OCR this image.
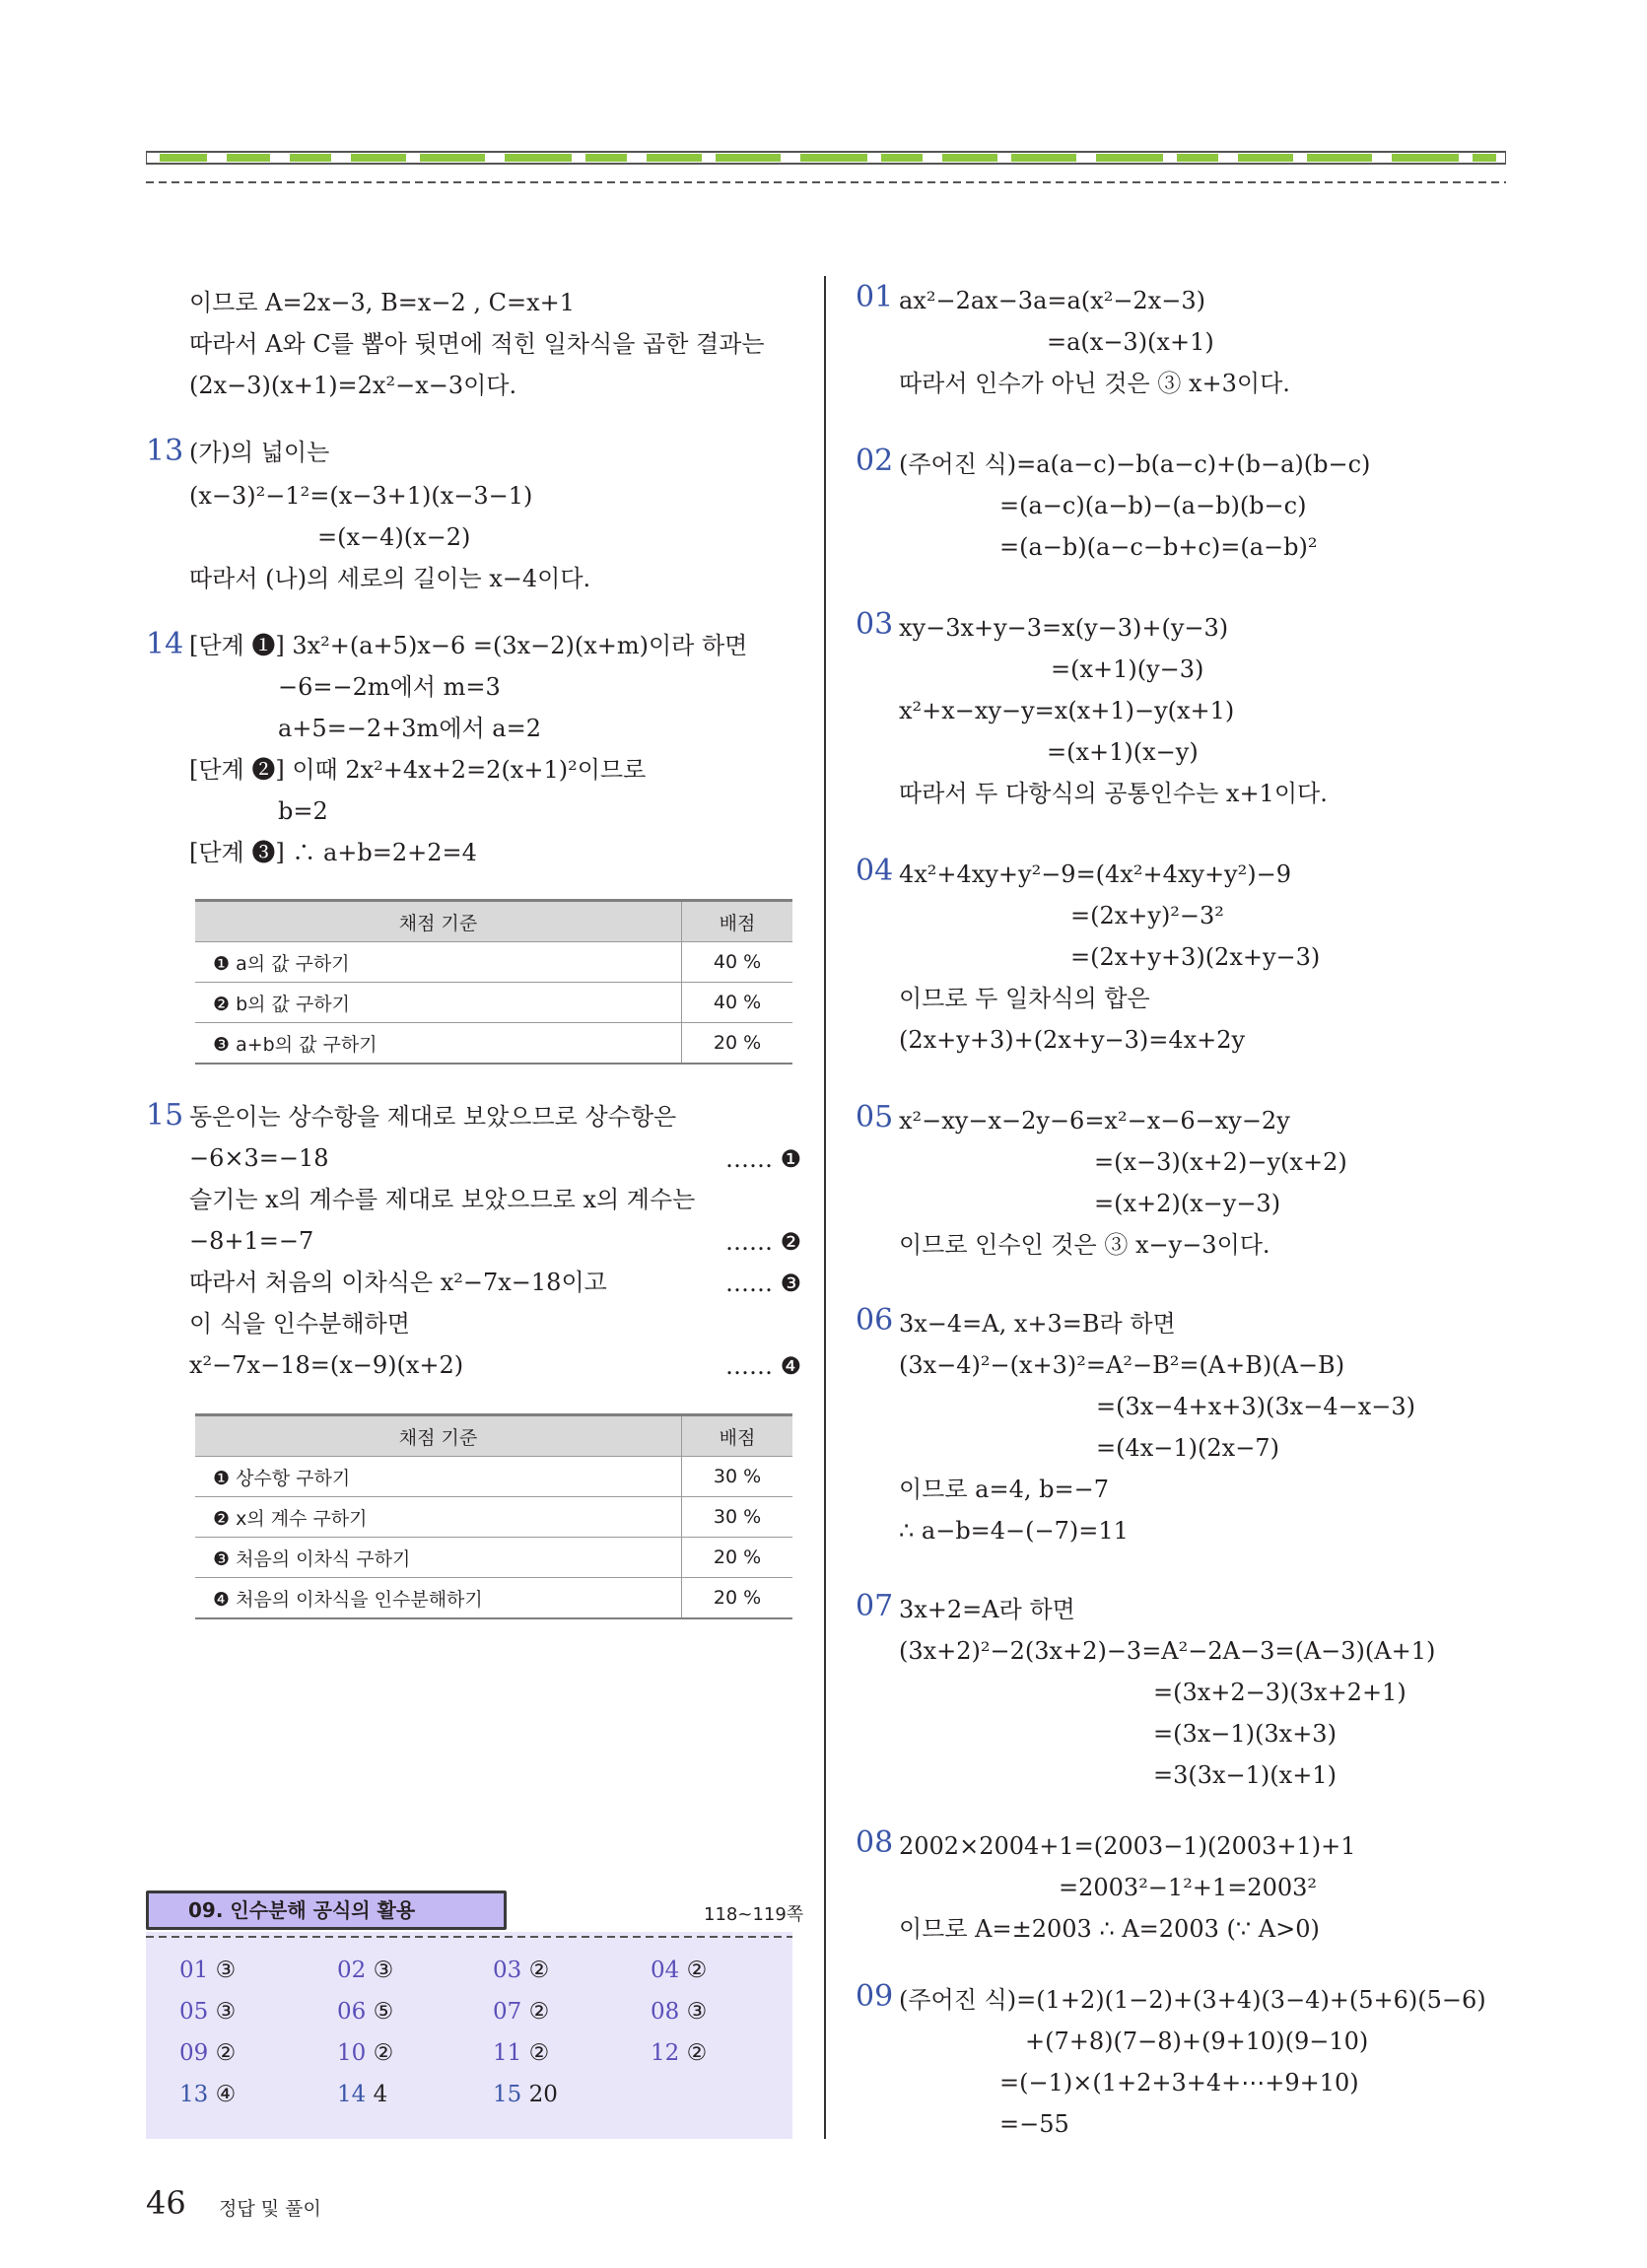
이므로 A=2x−3, B=x−2 , C=x+1
따라서 A와 C를 뽑아 뒷면에 적힌 일차식을 곱한 결과는
(2x−3)(x+1)=2x²−x−3이다.
13 (가)의 넓이는
(x−3)²−1²=(x−3+1)(x−3−1)
=(x−4)(x−2)
따라서 (나)의 세로의 길이는 x−4이다.
14 [단계 ❶] 3x²+(a+5)x−6 =(3x−2)(x+m)이라 하면
−6=−2m에서 m=3
a+5=−2+3m에서 a=2
[단계 ❷] 이때 2x²+4x+2=2(x+1)²이므로
b=2
[단계 ❸] ∴ a+b=2+2=4
채점 기준	배점
❶ a의 값 구하기	40 %
❷ b의 값 구하기	40 %
❸ a+b의 값 구하기	20 %
15 동은이는 상수항을 제대로 보았으므로 상수항은
−6×3=−18
슬기는 x의 계수를 제대로 보았으므로 x의 계수는
−8+1=−7
따라서 처음의 이차식은 x²−7x−18이고
이 식을 인수분해하면
x²−7x−18=(x−9)(x+2)
…… ❶
…… ❷
…… ❸
…… ❹
채점 기준	배점
❶ 상수항 구하기	30 %
❷ x의 계수 구하기	30 %
❸ 처음의 이차식 구하기	20 %
❹ 처음의 이차식을 인수분해하기	20 %
09. 인수분해 공식의 활용	118~119쪽
01 ③	02 ③	03 ②	04 ②
05 ③	06 ⑤	07 ②	08 ③
09 ②	10 ②	11 ②	12 ②
13 ④	14 4	15 20
01 ax²−2ax−3a=a(x²−2x−3)
=a(x−3)(x+1)
따라서 인수가 아닌 것은 ③ x+3이다.
02 (주어진 식)=a(a−c)−b(a−c)+(b−a)(b−c)
=(a−c)(a−b)−(a−b)(b−c)
=(a−b)(a−c−b+c)=(a−b)²
03 xy−3x+y−3=x(y−3)+(y−3)
=(x+1)(y−3)
x²+x−xy−y=x(x+1)−y(x+1)
=(x+1)(x−y)
따라서 두 다항식의 공통인수는 x+1이다.
04 4x²+4xy+y²−9=(4x²+4xy+y²)−9
=(2x+y)²−3²
=(2x+y+3)(2x+y−3)
이므로 두 일차식의 합은
(2x+y+3)+(2x+y−3)=4x+2y
05 x²−xy−x−2y−6=x²−x−6−xy−2y
=(x−3)(x+2)−y(x+2)
=(x+2)(x−y−3)
이므로 인수인 것은 ③ x−y−3이다.
06 3x−4=A, x+3=B라 하면
(3x−4)²−(x+3)²=A²−B²=(A+B)(A−B)
=(3x−4+x+3)(3x−4−x−3)
=(4x−1)(2x−7)
이므로 a=4, b=−7
∴ a−b=4−(−7)=11
07 3x+2=A라 하면
(3x+2)²−2(3x+2)−3=A²−2A−3=(A−3)(A+1)
=(3x+2−3)(3x+2+1)
=(3x−1)(3x+3)
=3(3x−1)(x+1)
08 2002×2004+1=(2003−1)(2003+1)+1
=2003²−1²+1=2003²
이므로 A=±2003 ∴ A=2003 (∵ A>0)
09 (주어진 식)=(1+2)(1−2)+(3+4)(3−4)+(5+6)(5−6)
+(7+8)(7−8)+(9+10)(9−10)
=(−1)×(1+2+3+4+⋯+9+10)
=−55
46 정답 및 풀이
